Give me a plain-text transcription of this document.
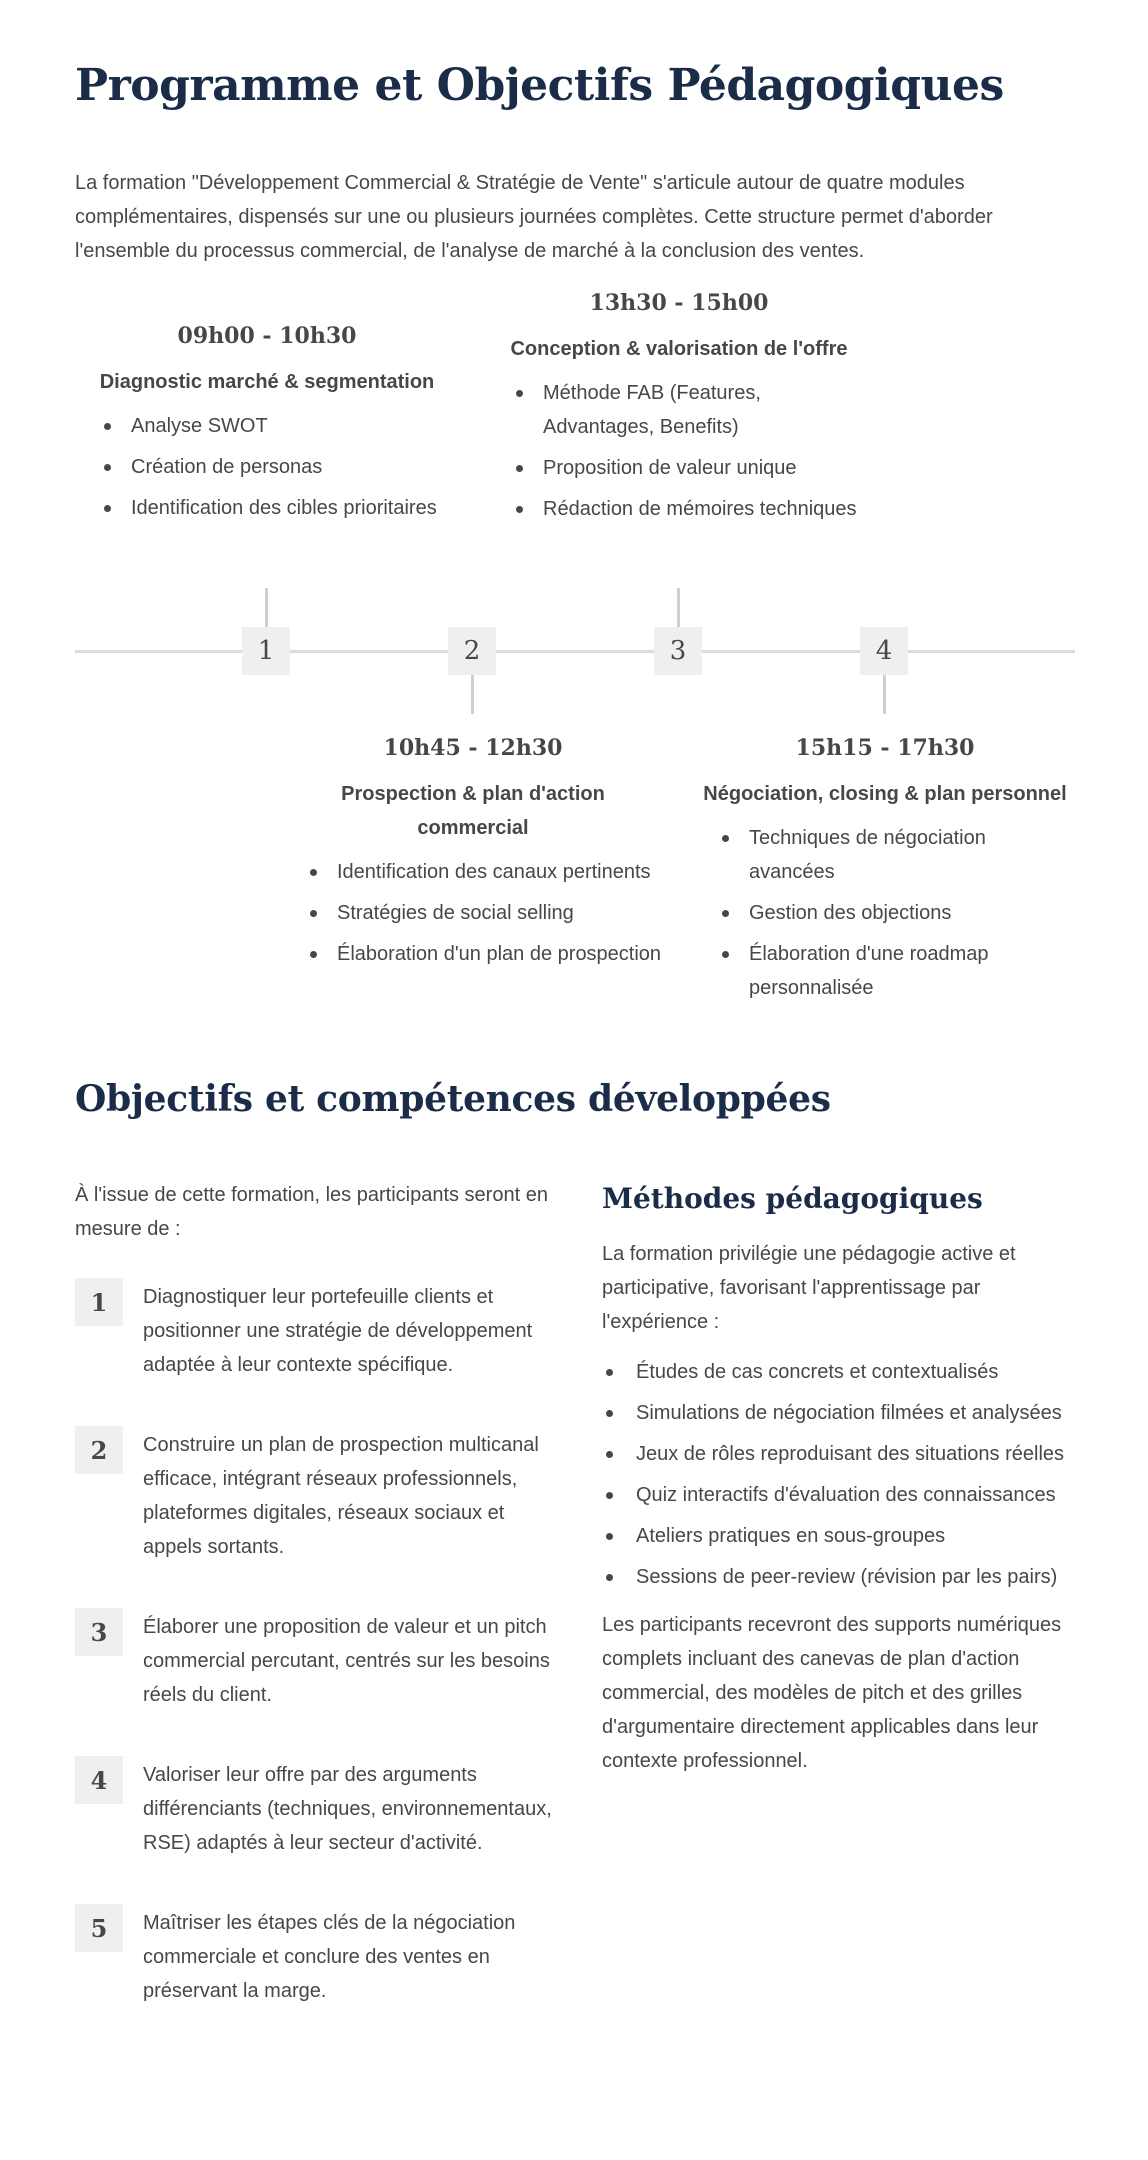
Programme et Objectifs Pédagogiques

La formation "Développement Commercial & Stratégie de Vente" s'articule autour de quatre modules complémentaires, dispensés sur une ou plusieurs journées complètes. Cette structure permet d'aborder l'ensemble du processus commercial, de l'analyse de marché à la conclusion des ventes.

1	2	3	4
09h00 - 10h30
Diagnostic marché & segmentation
Analyse SWOT
Création de personas
Identification des cibles prioritaires
13h30 - 15h00
Conception & valorisation de l'offre
Méthode FAB (Features, Advantages, Benefits)
Proposition de valeur unique
Rédaction de mémoires techniques
10h45 - 12h30
Prospection & plan d'action commercial
Identification des canaux pertinents
Stratégies de social selling
Élaboration d'un plan de prospection
15h15 - 17h30
Négociation, closing & plan personnel
Techniques de négociation avancées
Gestion des objections
Élaboration d'une roadmap personnalisée
Objectifs et compétences développées

À l'issue de cette formation, les participants seront en mesure de :

1	Diagnostiquer leur portefeuille clients et positionner une stratégie de développement adaptée à leur contexte spécifique.

2	Construire un plan de prospection multicanal efficace, intégrant réseaux professionnels, plateformes digitales, réseaux sociaux et appels sortants.

3	Élaborer une proposition de valeur et un pitch commercial percutant, centrés sur les besoins réels du client.

4	Valoriser leur offre par des arguments différenciants (techniques, environnementaux, RSE) adaptés à leur secteur d'activité.

5	Maîtriser les étapes clés de la négociation commerciale et conclure des ventes en préservant la marge.

Méthodes pédagogiques

La formation privilégie une pédagogie active et participative, favorisant l'apprentissage par l'expérience :

Études de cas concrets et contextualisés
Simulations de négociation filmées et analysées
Jeux de rôles reproduisant des situations réelles
Quiz interactifs d'évaluation des connaissances
Ateliers pratiques en sous-groupes
Sessions de peer-review (révision par les pairs)

Les participants recevront des supports numériques complets incluant des canevas de plan d'action commercial, des modèles de pitch et des grilles d'argumentaire directement applicables dans leur contexte professionnel.
